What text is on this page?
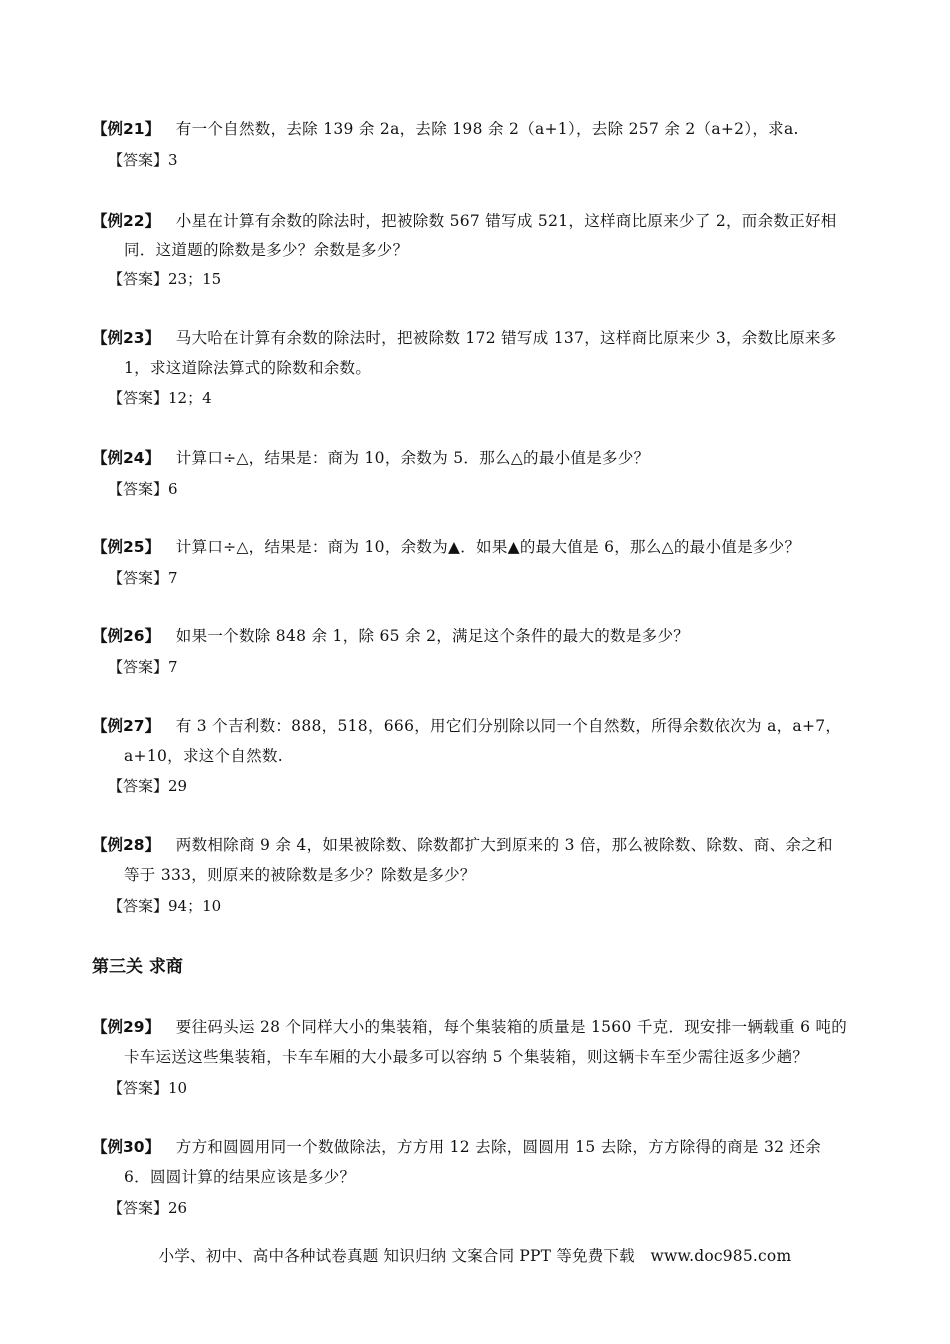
【例21】 有一个自然数，去除 139 余 2a，去除 198 余 2（a+1），去除 257 余 2（a+2），求a.
【答案】3
【例22】 小星在计算有余数的除法时，把被除数 567 错写成 521，这样商比原来少了 2，而余数正好相
同．这道题的除数是多少？余数是多少？
【答案】23；15
【例23】 马大哈在计算有余数的除法时，把被除数 172 错写成 137，这样商比原来少 3，余数比原来多
1，求这道除法算式的除数和余数。
【答案】12；4
【例24】 计算口÷△，结果是：商为 10，余数为 5．那么△的最小值是多少？
【答案】6
【例25】 计算口÷△，结果是：商为 10，余数为▲．如果▲的最大值是 6，那么△的最小值是多少？
【答案】7
【例26】 如果一个数除 848 余 1，除 65 余 2，满足这个条件的最大的数是多少？
【答案】7
【例27】 有 3 个吉利数：888，518，666，用它们分别除以同一个自然数，所得余数依次为 a，a+7，
a+10，求这个自然数.
【答案】29
【例28】 两数相除商 9 余 4，如果被除数、除数都扩大到原来的 3 倍，那么被除数、除数、商、余之和
等于 333，则原来的被除数是多少？除数是多少？
【答案】94；10
第三关 求商
【例29】 要往码头运 28 个同样大小的集装箱，每个集装箱的质量是 1560 千克．现安排一辆载重 6 吨的
卡车运送这些集装箱，卡车车厢的大小最多可以容纳 5 个集装箱，则这辆卡车至少需往返多少趟？
【答案】10
【例30】 方方和圆圆用同一个数做除法，方方用 12 去除，圆圆用 15 去除，方方除得的商是 32 还余
6．圆圆计算的结果应该是多少？
【答案】26
小学、初中、高中各种试卷真题 知识归纳 文案合同 PPT 等免费下载　www.doc985.com
